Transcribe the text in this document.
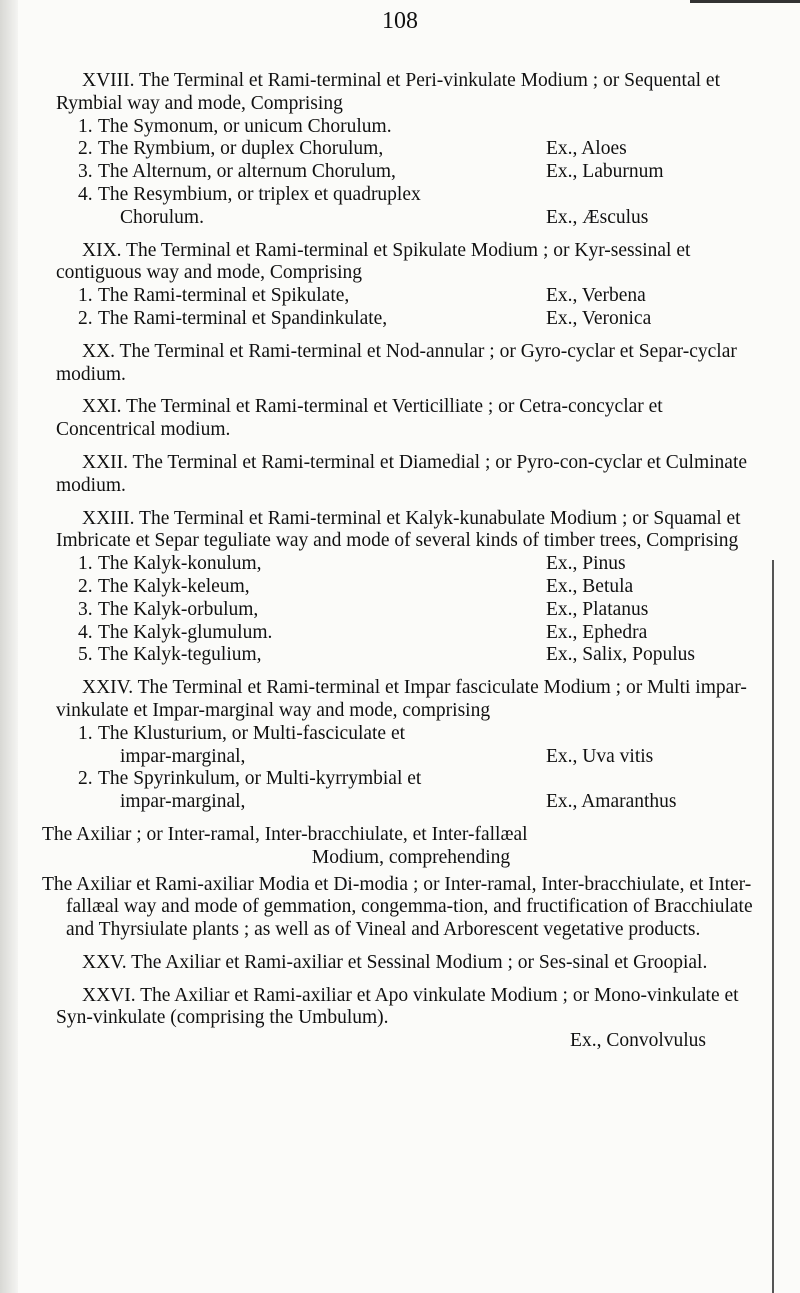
108

XVIII. The Terminal et Rami-terminal et Peri-vinkulate Modium ; or Sequental et Rymbial way and mode, Comprising

1. The Symonum, or unicum Chorulum.
2. The Rymbium, or duplex Chorulum,	Ex., Aloes
3. The Alternum, or alternum Chorulum,	Ex., Laburnum
4. The Resymbium, or triplex et quadruplex
Chorulum.	Ex., Æsculus

XIX. The Terminal et Rami-terminal et Spikulate Modium ; or Kyr-sessinal et contiguous way and mode, Comprising

1. The Rami-terminal et Spikulate,	Ex., Verbena
2. The Rami-terminal et Spandinkulate,	Ex., Veronica

XX. The Terminal et Rami-terminal et Nod-annular ; or Gyro-cyclar et Separ-cyclar modium.

XXI. The Terminal et Rami-terminal et Verticilliate ; or Cetra-concyclar et Concentrical modium.

XXII. The Terminal et Rami-terminal et Diamedial ; or Pyro-con-cyclar et Culminate modium.

XXIII. The Terminal et Rami-terminal et Kalyk-kunabulate Modium ; or Squamal et Imbricate et Separ teguliate way and mode of several kinds of timber trees, Comprising

1. The Kalyk-konulum,	Ex., Pinus
2. The Kalyk-keleum,	Ex., Betula
3. The Kalyk-orbulum,	Ex., Platanus
4. The Kalyk-glumulum.	Ex., Ephedra
5. The Kalyk-tegulium,	Ex., Salix, Populus

XXIV. The Terminal et Rami-terminal et Impar fasciculate Modium ; or Multi impar-vinkulate et Impar-marginal way and mode, comprising

1. The Klusturium, or Multi-fasciculate et
impar-marginal,	Ex., Uva vitis
2. The Spyrinkulum, or Multi-kyrrymbial et
impar-marginal,	Ex., Amaranthus

The Axiliar ; or Inter-ramal, Inter-bracchiulate, et Inter-fallæal

Modium, comprehending

The Axiliar et Rami-axiliar Modia et Di-modia ; or Inter-ramal, Inter-bracchiulate, et Inter-fallæal way and mode of gemmation, congemma-tion, and fructification of Bracchiulate and Thyrsiulate plants ; as well as of Vineal and Arborescent vegetative products.

XXV. The Axiliar et Rami-axiliar et Sessinal Modium ; or Ses-sinal et Groopial.

XXVI. The Axiliar et Rami-axiliar et Apo vinkulate Modium ; or Mono-vinkulate et Syn-vinkulate (comprising the Umbulum).

Ex., Convolvulus
